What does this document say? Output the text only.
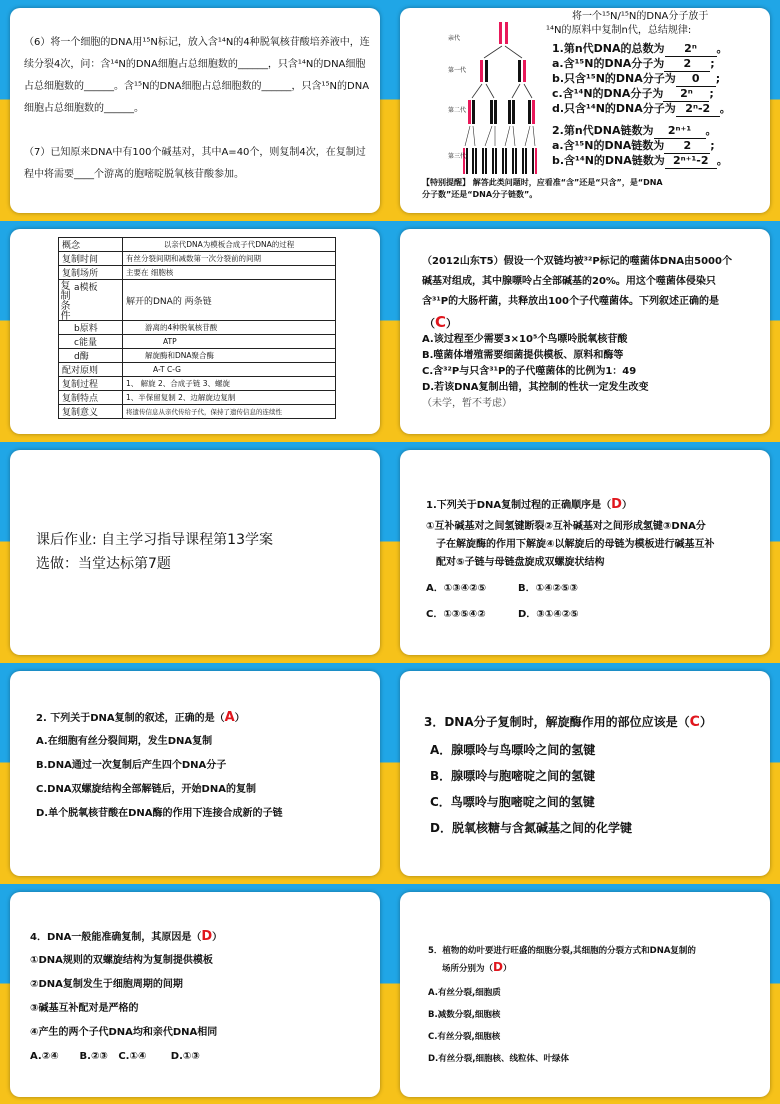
（6）将一个细胞的DNA用¹⁵N标记，放入含¹⁴N的4种脱氧核苷酸培养液中，连续分裂4次，问：含¹⁴N的DNA细胞占总细胞数的______，只含¹⁴N的DNA细胞占总细胞数的______。含¹⁵N的DNA细胞占总细胞数的______，只含¹⁵N的DNA细胞占总细胞数的______。
（7）已知原来DNA中有100个碱基对，其中A=40个，则复制4次，在复制过程中将需要____个游离的胞嘧啶脱氧核苷酸参加。
亲代
第一代
第二代
第三代
将一个¹⁵N/¹⁵N的DNA分子放于
¹⁴N的原料中复制n代，总结规律:
1.第n代DNA的总数为 2ⁿ 。
a.含¹⁵N的DNA分子为 2 ;
b.只含¹⁵N的DNA分子为 0 ;
c.含¹⁴N的DNA分子为 2ⁿ ;
d.只含¹⁴N的DNA分子为 2ⁿ-2 。
2.第n代DNA链数为 2ⁿ⁺¹ 。
a.含¹⁵N的DNA链数为 2 ;
b.含¹⁴N的DNA链数为 2ⁿ⁺¹-2 。
【特别提醒】 解答此类问题时，应看准“含”还是“只含”，是“DNA
分子数”还是“DNA分子链数”。
概念	以亲代DNA为模板合成子代DNA的过程
复制时间	有丝分裂间期和减数第一次分裂前的间期
复制场所	主要在 细胞核

复制条件 a模板	解开的DNA的 两条链
b原料	游离的4种脱氧核苷酸
c能量	ATP
d酶	解旋酶和DNA聚合酶
配对原则	A-T C-G
复制过程	1、 解旋 2、合成子链 3、螺旋
复制特点	1、半保留复制 2、边解旋边复制
复制意义	将遗传信息从亲代传给子代，保持了遗传信息的连续性
（2012山东T5）假设一个双链均被³²P标记的噬菌体DNA由5000个
碱基对组成，其中腺嘌呤占全部碱基的20%。用这个噬菌体侵染只
含³¹P的大肠杆菌，共释放出100个子代噬菌体。下列叙述正确的是
（C）
A.该过程至少需要3×10⁵个鸟嘌呤脱氧核苷酸
B.噬菌体增殖需要细菌提供模板、原料和酶等
C.含³²P与只含³¹P的子代噬菌体的比例为1：49
D.若该DNA复制出错，其控制的性状一定发生改变
（未学，暂不考虑）
课后作业: 自主学习指导课程第13学案
选做：当堂达标第7题
1.下列关于DNA复制过程的正确顺序是（D）
①互补碱基对之间氢键断裂②互补碱基对之间形成氢键③DNA分
子在解旋酶的作用下解旋④以解旋后的母链为模板进行碱基互补
配对⑤子链与母链盘旋成双螺旋状结构
A．①③④②⑤	B．①④②⑤③
C．①③⑤④②	D．③①④②⑤
2. 下列关于DNA复制的叙述，正确的是（A）
A.在细胞有丝分裂间期，发生DNA复制
B.DNA通过一次复制后产生四个DNA分子
C.DNA双螺旋结构全部解链后，开始DNA的复制
D.单个脱氧核苷酸在DNA酶的作用下连接合成新的子链
3．DNA分子复制时，解旋酶作用的部位应该是（C）
A．腺嘌呤与鸟嘌呤之间的氢键
B．腺嘌呤与胞嘧啶之间的氢键
C．鸟嘌呤与胞嘧啶之间的氢键
D．脱氧核糖与含氮碱基之间的化学键
4．DNA一般能准确复制，其原因是（D）
①DNA规则的双螺旋结构为复制提供模板
②DNA复制发生于细胞周期的间期
③碱基互补配对是严格的
④产生的两个子代DNA均和亲代DNA相同
A.②④      B.②③   C.①④       D.①③
5．植物的幼叶要进行旺盛的细胞分裂,其细胞的分裂方式和DNA复制的
场所分别为（D）
A.有丝分裂,细胞质
B.减数分裂,细胞核
C.有丝分裂,细胞核
D.有丝分裂,细胞核、线粒体、叶绿体
